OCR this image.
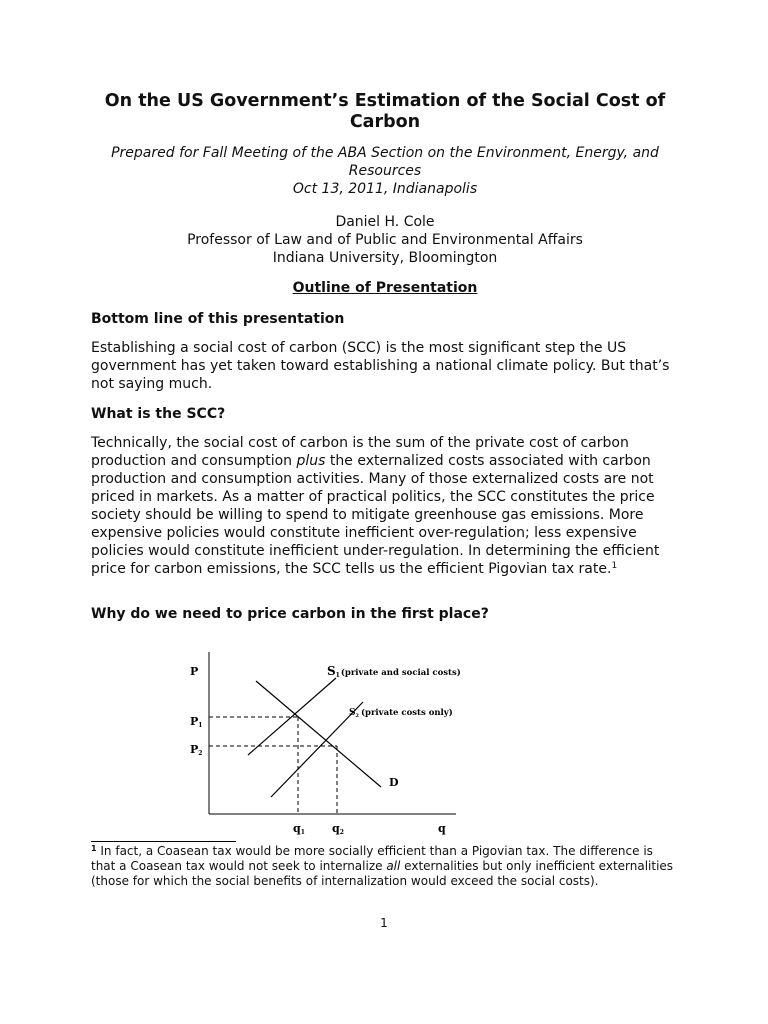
On the US Government’s Estimation of the Social Cost of Carbon
Prepared for Fall Meeting of the ABA Section on the Environment, Energy, and Resources
Oct 13, 2011, Indianapolis
Daniel H. Cole
Professor of Law and of Public and Environmental Affairs
Indiana University, Bloomington
Outline of Presentation
Bottom line of this presentation

Establishing a social cost of carbon (SCC) is the most significant step the US government has yet taken toward establishing a national climate policy. But that’s not saying much.

What is the SCC?

Technically, the social cost of carbon is the sum of the private cost of carbon production and consumption plus the externalized costs associated with carbon production and consumption activities. Many of those externalized costs are not priced in markets. As a matter of practical politics, the SCC constitutes the price society should be willing to spend to mitigate greenhouse gas emissions. More expensive policies would constitute inefficient over-regulation; less expensive policies would constitute inefficient under-regulation. In determining the efficient price for carbon emissions, the SCC tells us the efficient Pigovian tax rate.$^1$

Why do we need to price carbon in the first place?
P
P1
P2
q1 q2	q
S1(private and social costs)
$S_2$ (private costs only)
D
$^1$ In fact, a Coasean tax would be more socially efficient than a Pigovian tax. The difference is that a Coasean tax would not seek to internalize all externalities but only inefficient externalities (those for which the social benefits of internalization would exceed the social costs).
1
